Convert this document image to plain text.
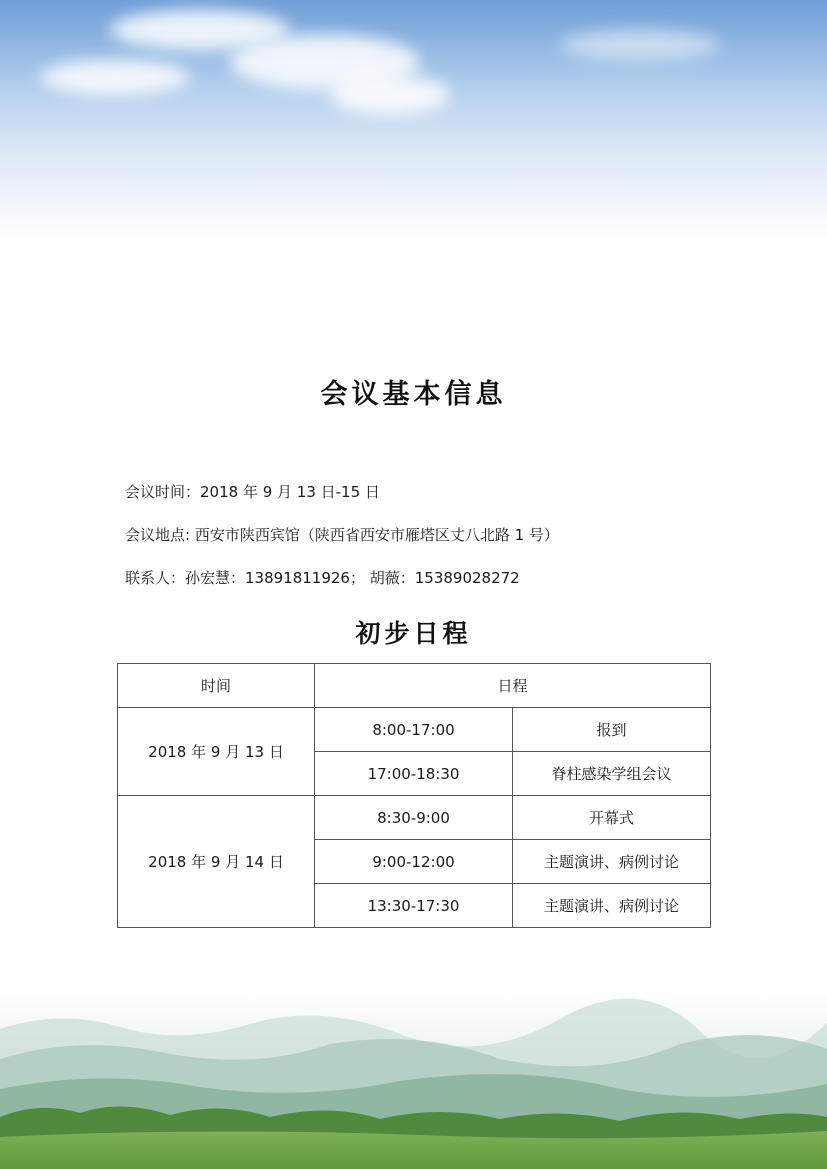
会议基本信息
会议时间：2018 年 9 月 13 日-15 日
会议地点: 西安市陕西宾馆（陕西省西安市雁塔区丈八北路 1 号）
联系人：孙宏慧：13891811926； 胡薇：15389028272
初步日程
时间	日程	
2018 年 9 月 13 日	8:00-17:00	报到
	17:00-18:30	脊柱感染学组会议
2018 年 9 月 14 日	8:30-9:00	开幕式
	9:00-12:00	主题演讲、病例讨论
	13:30-17:30	主题演讲、病例讨论
